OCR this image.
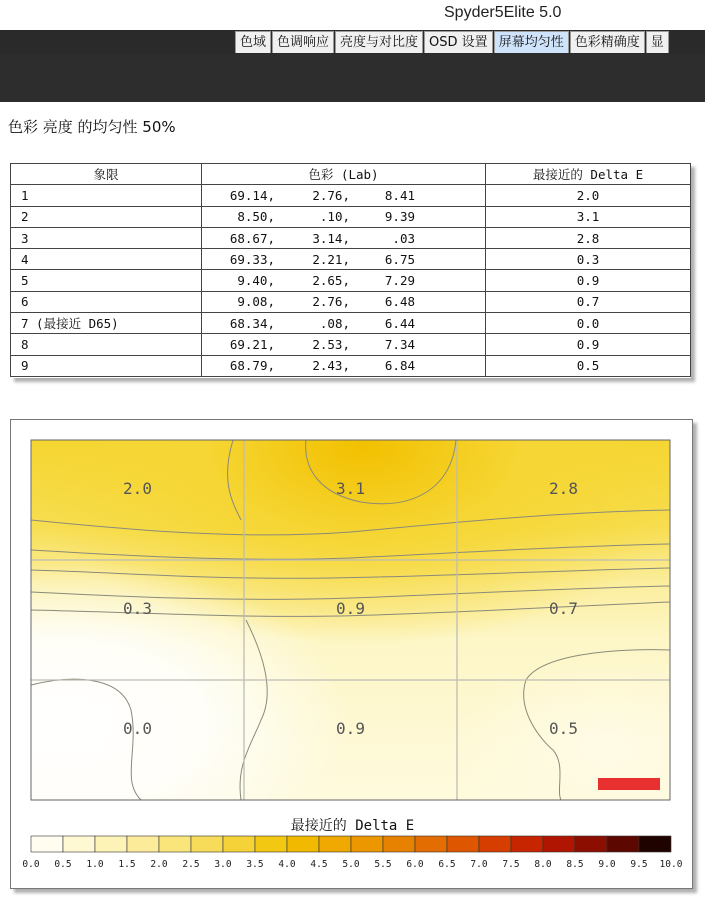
Spyder5Elite 5.0
色域 色调响应 亮度与对比度 OSD 设置 屏幕均匀性 色彩精确度 显
色彩 亮度 的均匀性 50%
象限	色彩 (Lab)	最接近的 Delta E
1	69.14, 2.76, 8.41	2.0
2	8.50, .10, 9.39	3.1
3	68.67, 3.14, .03	2.8
4	69.33, 2.21, 6.75	0.3
5	9.40, 2.65, 7.29	0.9
6	9.08, 2.76, 6.48	0.7
7 (最接近 D65)	68.34, .08, 6.44	0.0
8	69.21, 2.53, 7.34	0.9
9	68.79, 2.43, 6.84	0.5
2.0	3.1	2.8
0.3	0.9	0.7
0.0	0.9	0.5
0.0 0.5 1.0 1.5 2.0 2.5 3.0 3.5 4.0 4.5 5.0 5.5 6.0 6.5 7.0 7.5 8.0 8.5 9.0 9.5 10.0
最接近的 Delta E
